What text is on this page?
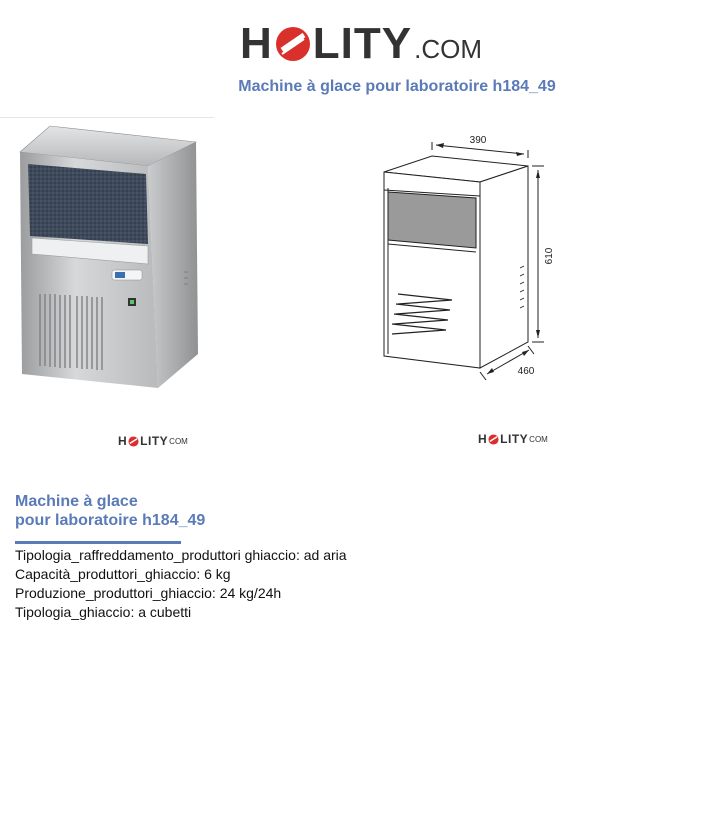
H LITY .COM
Machine à glace pour laboratoire h184_49
H LITY COM
390
610
460
H LITY COM
Machine à glace
pour laboratoire h184_49
Tipologia_raffreddamento_produttori ghiaccio: ad aria
Capacità_produttori_ghiaccio: 6 kg
Produzione_produttori_ghiaccio: 24 kg/24h
Tipologia_ghiaccio: a cubetti
